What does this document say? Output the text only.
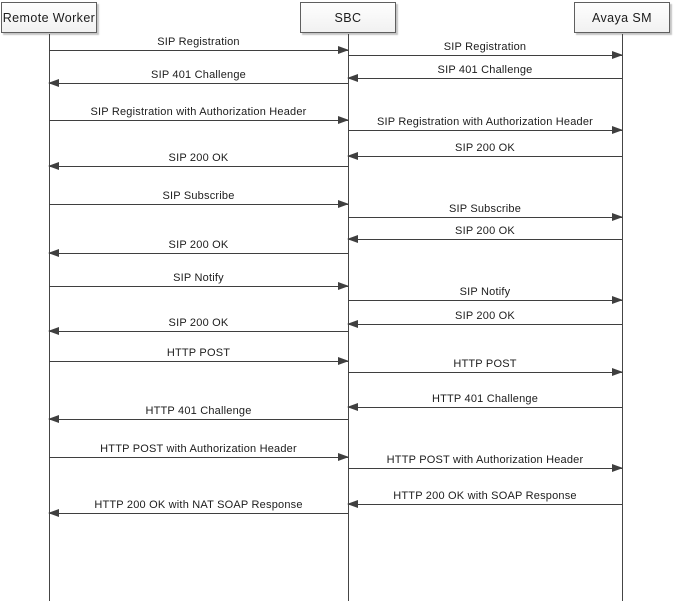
Remote Worker	SBC	Avaya SM
SIP Registration	SIP Registration
SIP 401 Challenge
SIP 401 Challenge
SIP Registration with Authorization Header
SIP Registration with Authorization Header
SIP 200 OK
SIP 200 OK
SIP Subscribe
SIP Subscribe
SIP 200 OK
SIP 200 OK
SIP Notify
SIP Notify
SIP 200 OK
SIP 200 OK
HTTP POST
HTTP POST
HTTP 401 Challenge
HTTP 401 Challenge
HTTP POST with Authorization Header
HTTP POST with Authorization Header
HTTP 200 OK with SOAP Response
HTTP 200 OK with NAT SOAP Response
